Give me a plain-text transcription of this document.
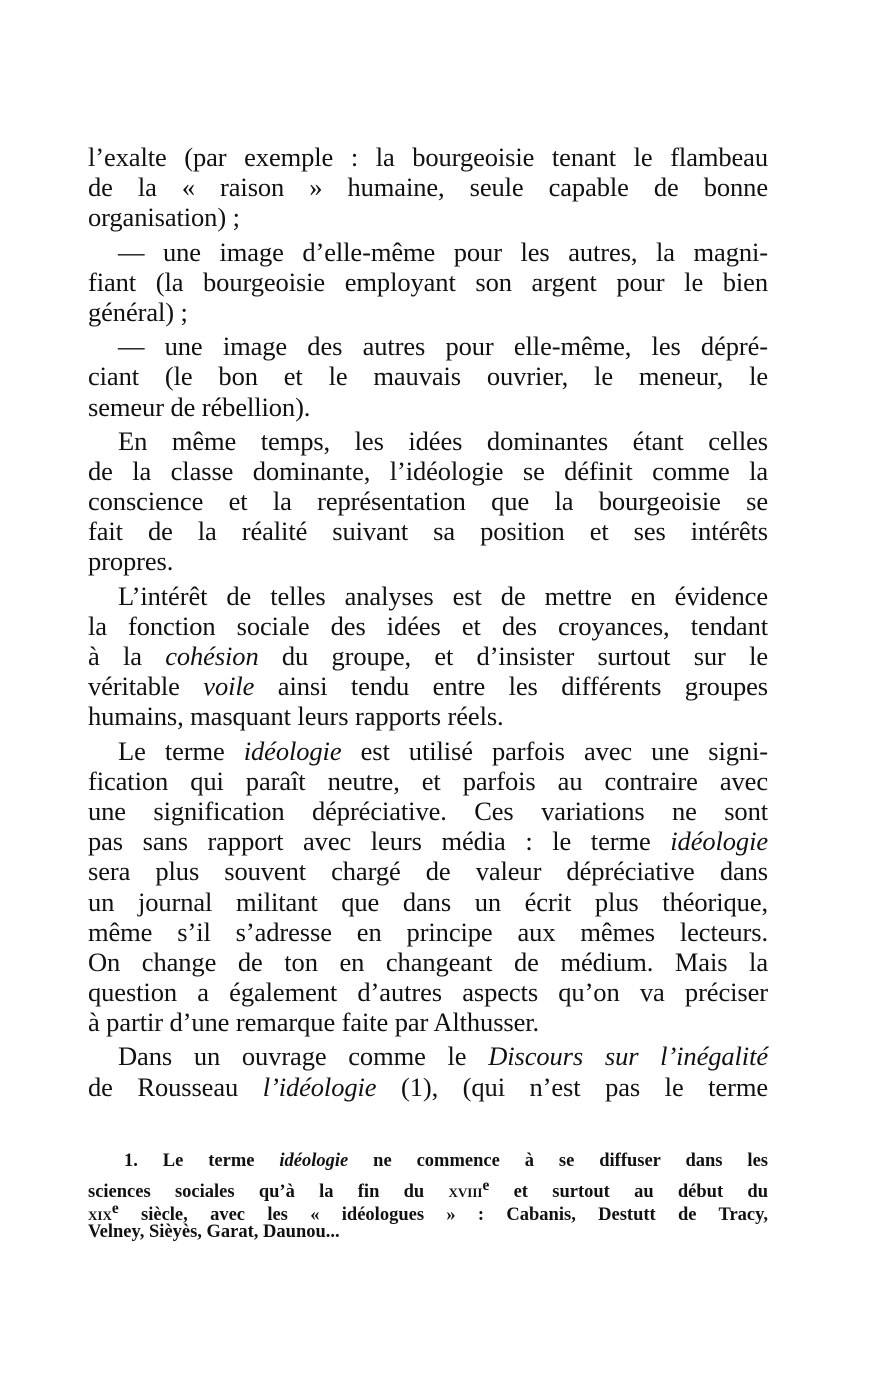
l’exalte (par exemple : la bourgeoisie tenant le flambeau
de la « raison » humaine, seule capable de bonne
organisation) ;
— une image d’elle-même pour les autres, la magni-
fiant (la bourgeoisie employant son argent pour le bien
général) ;
— une image des autres pour elle-même, les dépré-
ciant (le bon et le mauvais ouvrier, le meneur, le
semeur de rébellion).
En même temps, les idées dominantes étant celles
de la classe dominante, l’idéologie se définit comme la
conscience et la représentation que la bourgeoisie se
fait de la réalité suivant sa position et ses intérêts
propres.
L’intérêt de telles analyses est de mettre en évidence
la fonction sociale des idées et des croyances, tendant
à la cohésion du groupe, et d’insister surtout sur le
véritable voile ainsi tendu entre les différents groupes
humains, masquant leurs rapports réels.
Le terme idéologie est utilisé parfois avec une signi-
fication qui paraît neutre, et parfois au contraire avec
une signification dépréciative. Ces variations ne sont
pas sans rapport avec leurs média : le terme idéologie
sera plus souvent chargé de valeur dépréciative dans
un journal militant que dans un écrit plus théorique,
même s’il s’adresse en principe aux mêmes lecteurs.
On change de ton en changeant de médium. Mais la
question a également d’autres aspects qu’on va préciser
à partir d’une remarque faite par Althusser.
Dans un ouvrage comme le Discours sur l’inégalité
de Rousseau l’idéologie (1), (qui n’est pas le terme
1. Le terme idéologie ne commence à se diffuser dans les
sciences sociales qu’à la fin du xviii$^e$ et surtout au début du
xix$^e$ siècle, avec les « idéologues » : Cabanis, Destutt de Tracy,
Velney, Sièyès, Garat, Daunou...
